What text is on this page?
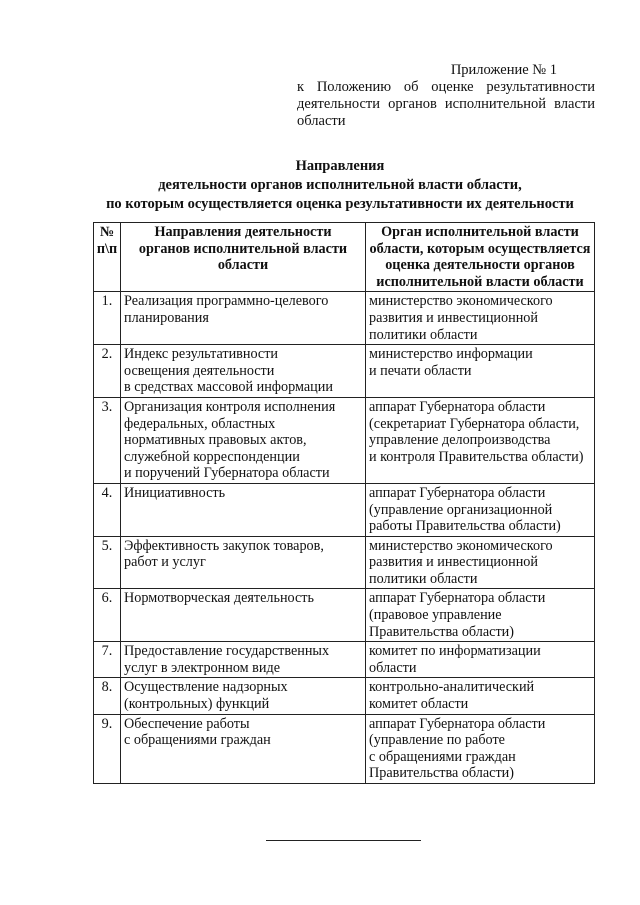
Приложение № 1
к Положению об оценке результативности
деятельности органов исполнительной власти
области
Направления
деятельности органов исполнительной власти области,
по которым осуществляется оценка результативности их деятельности
№
п\п	Направления деятельности
органов исполнительной власти
области	Орган исполнительной власти
области, которым осуществляется
оценка деятельности органов
исполнительной власти области

1.	Реализация программно-целевого
планирования	министерство экономического
развития и инвестиционной
политики области

2.	Индекс результативности
освещения деятельности
в средствах массовой информации	министерство информации
и печати области

3.	Организация контроля исполнения
федеральных, областных
нормативных правовых актов,
служебной корреспонденции
и поручений Губернатора области	аппарат Губернатора области
(секретариат Губернатора области,
управление делопроизводства
и контроля Правительства области)

4.	Инициативность	аппарат Губернатора области
(управление организационной
работы Правительства области)

5.	Эффективность закупок товаров,
работ и услуг	министерство экономического
развития и инвестиционной
политики области

6.	Нормотворческая деятельность	аппарат Губернатора области
(правовое управление
Правительства области)

7.	Предоставление государственных
услуг в электронном виде	комитет по информатизации
области

8.	Осуществление надзорных
(контрольных) функций	контрольно-аналитический
комитет области

9.	Обеспечение работы
с обращениями граждан	аппарат Губернатора области
(управление по работе
с обращениями граждан
Правительства области)
